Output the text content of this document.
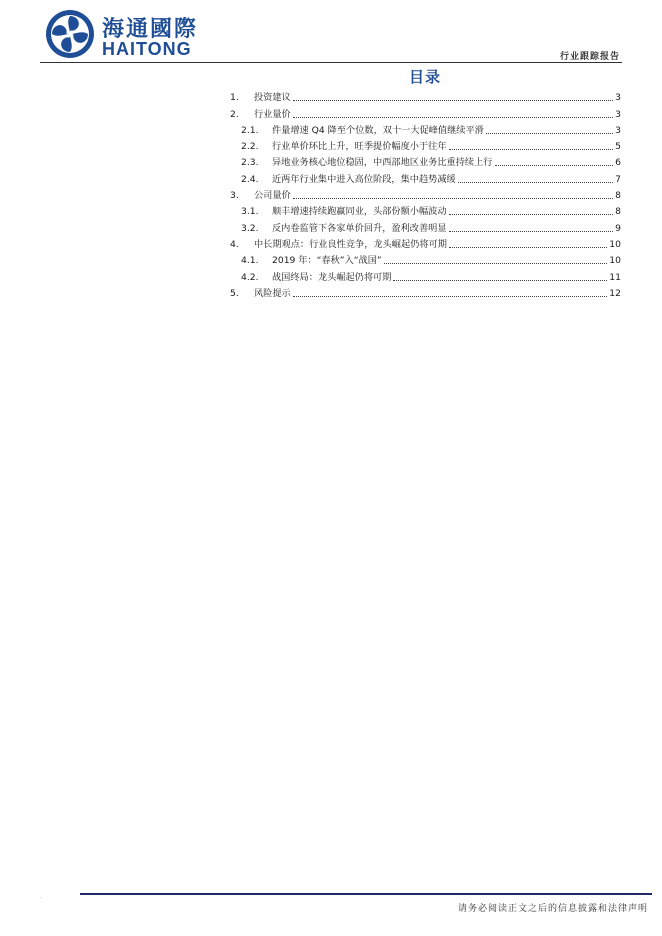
海通國際
HAITONG	行业跟踪报告
目录
1.	投资建议	3
2.	行业量价	3
2.1.	件量增速 Q4 降至个位数，双十一大促峰值继续平滑	3
2.2.	行业单价环比上升，旺季提价幅度小于往年	5
2.3.	异地业务核心地位稳固，中西部地区业务比重持续上行	6
2.4.	近两年行业集中进入高位阶段，集中趋势减缓	7
3.	公司量价	8
3.1.	顺丰增速持续跑赢同业，头部份额小幅波动	8
3.2.	反内卷监管下各家单价回升，盈利改善明显	9
4.	中长期观点：行业良性竞争，龙头崛起仍将可期	10
4.1.	2019 年：“春秋”入“战国”	10
4.2.	战国终局：龙头崛起仍将可期	11
5.	风险提示	12
.
请务必阅读正文之后的信息披露和法律声明
